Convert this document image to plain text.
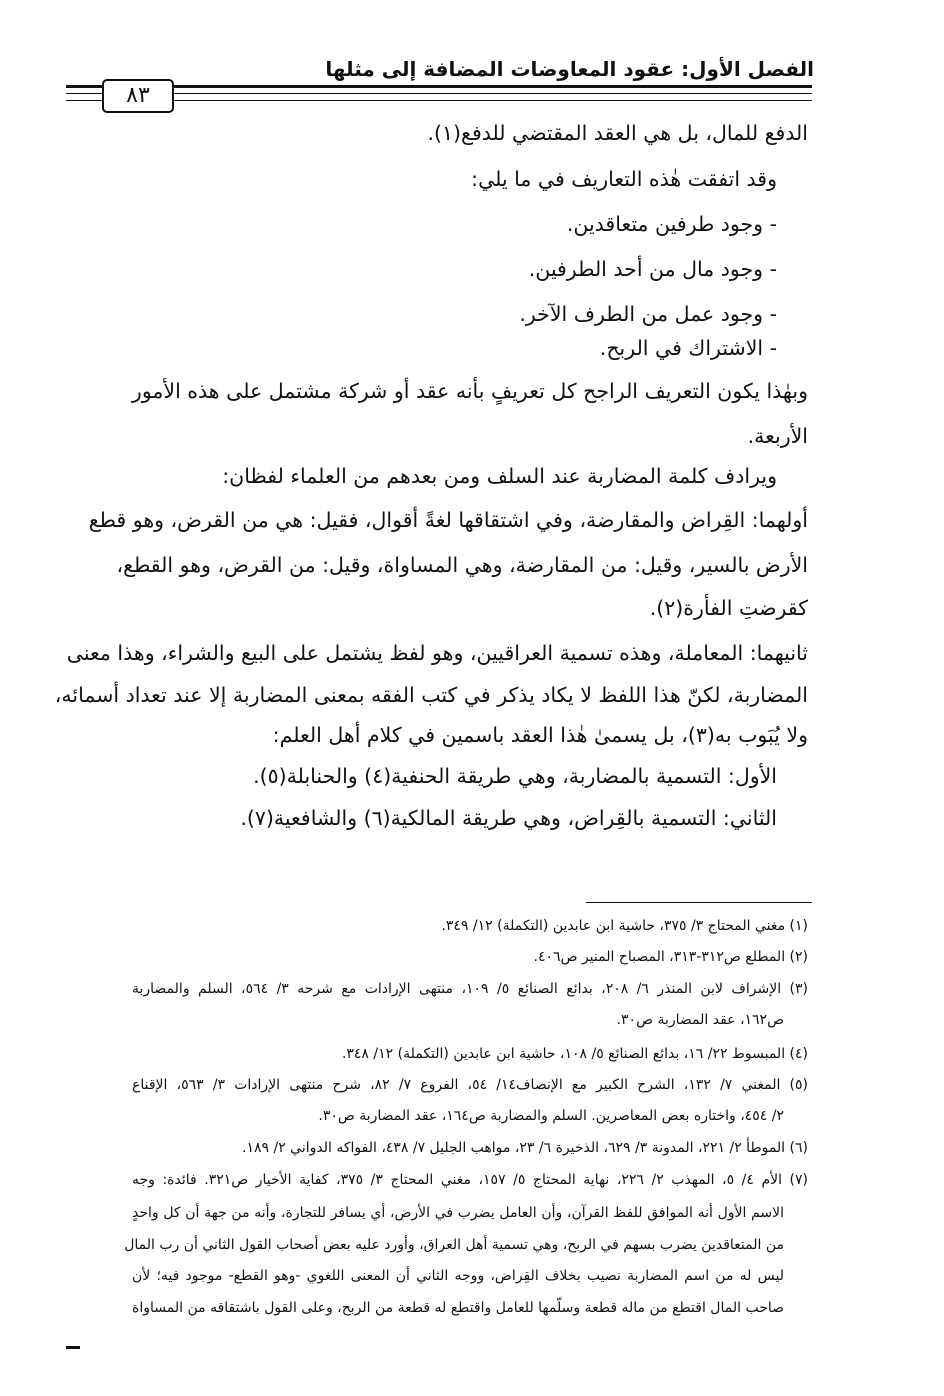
الفصل الأول: عقود المعاوضات المضافة إلى مثلها
٨٣
الدفع للمال، بل هي العقد المقتضي للدفع(١).
وقد اتفقت هٰذه التعاريف في ما يلي:
- وجود طرفين متعاقدين.
- وجود مال من أحد الطرفين.
- وجود عمل من الطرف الآخر.
- الاشتراك في الربح.
وبهٰذا يكون التعريف الراجح كل تعريفٍ بأنه عقد أو شركة مشتمل على هذه الأمور
الأربعة.
ويرادف كلمة المضاربة عند السلف ومن بعدهم من العلماء لفظان:
أولهما: القِراض والمقارضة، وفي اشتقاقها لغةً أقوال، فقيل: هي من القرض، وهو قطع
الأرض بالسير، وقيل: من المقارضة، وهي المساواة، وقيل: من القرض، وهو القطع،
كقرضتِ الفأرة(٢).
ثانيهما: المعاملة، وهذه تسمية العراقيين، وهو لفظ يشتمل على البيع والشراء، وهذا معنى
المضاربة، لكنّ هذا اللفظ لا يكاد يذكر في كتب الفقه بمعنى المضاربة إلا عند تعداد أسمائه،
ولا يُبَوب به(٣)، بل يسمىٰ هٰذا العقد باسمين في كلام أهل العلم:
الأول: التسمية بالمضاربة، وهي طريقة الحنفية(٤) والحنابلة(٥).
الثاني: التسمية بالقِراض، وهي طريقة المالكية(٦) والشافعية(٧).
(١) مغني المحتاج ٣/ ٣٧٥، حاشية ابن عابدين (التكملة) ١٢/ ٣٤٩.
(٢) المطلع ص٣١٢-٣١٣، المصباح المنير ص٤٠٦.
(٣) الإشراف لابن المنذر ٦/ ٢٠٨، بدائع الصنائع ٥/ ١٠٩، منتهى الإرادات مع شرحه ٣/ ٥٦٤، السلم والمضاربة
ص١٦٢، عقد المضاربة ص٣٠.
(٤) المبسوط ٢٢/ ١٦، بدائع الصنائع ٥/ ١٠٨، حاشية ابن عابدين (التكملة) ١٢/ ٣٤٨.
(٥) المغني ٧/ ١٣٢، الشرح الكبير مع الإنصاف١٤/ ٥٤، الفروع ٧/ ٨٢، شرح منتهى الإرادات ٣/ ٥٦٣، الإقناع
٢/ ٤٥٤، واختاره بعض المعاصرين. السلم والمضاربة ص١٦٤، عقد المضاربة ص٣٠.
(٦) الموطأ ٢/ ٢٢١، المدونة ٣/ ٦٢٩، الذخيرة ٦/ ٢٣، مواهب الجليل ٧/ ٤٣٨، الفواكه الدواني ٢/ ١٨٩.
(٧) الأم ٤/ ٥، المهذب ٢/ ٢٢٦، نهاية المحتاج ٥/ ١٥٧، مغني المحتاج ٣/ ٣٧٥، كفاية الأخيار ص٣٢١. فائدة: وجه
الاسم الأول أنه الموافق للفظ القرآن، وأن العامل يضرب في الأرض، أي يسافر للتجارة، وأنه من جهة أن كل واحدٍ
من المتعاقدين يضرب بسهم في الربح، وهي تسمية أهل العراق، وأورد عليه بعض أصحاب القول الثاني أن رب المال
ليس له من اسم المضاربة نصيب بخلاف القِراض، ووجه الثاني أن المعنى اللغوي -وهو القطع- موجود فيه؛ لأن
صاحب المال اقتطع من ماله قطعة وسلّمها للعامل واقتطع له قطعة من الربح، وعلى القول باشتقاقه من المساواة
